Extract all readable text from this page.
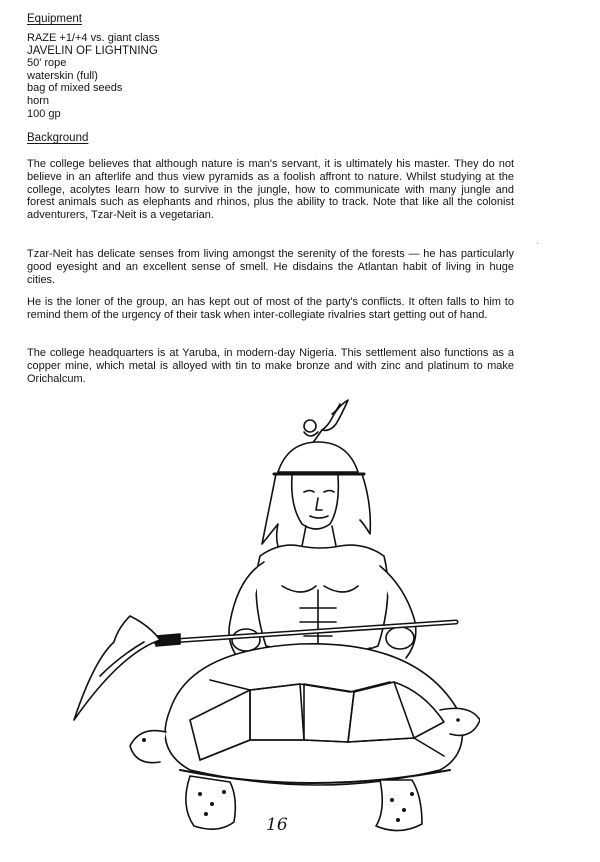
Equipment
RAZE +1/+4 vs. giant class
JAVELIN OF LIGHTNING
50' rope
waterskin (full)
bag of mixed seeds
horn
100 gp
Background

The college believes that although nature is man's servant, it is ultimately his master. They do not believe in an afterlife and thus view pyramids as a foolish affront to nature. Whilst studying at the college, acolytes learn how to survive in the jungle, how to communicate with many jungle and forest animals such as elephants and rhinos, plus the ability to track. Note that like all the colonist adventurers, Tzar-Neit is a vegetarian.

Tzar-Neit has delicate senses from living amongst the serenity of the forests — he has particularly good eyesight and an excellent sense of smell. He disdains the Atlantan habit of living in huge cities.

He is the loner of the group, an has kept out of most of the party's conflicts. It often falls to him to remind them of the urgency of their task when inter-collegiate rivalries start getting out of hand.

The college headquarters is at Yaruba, in modern-day Nigeria. This settlement also functions as a copper mine, which metal is alloyed with tin to make bronze and with zinc and platinum to make Orichalcum.

⸼
16
